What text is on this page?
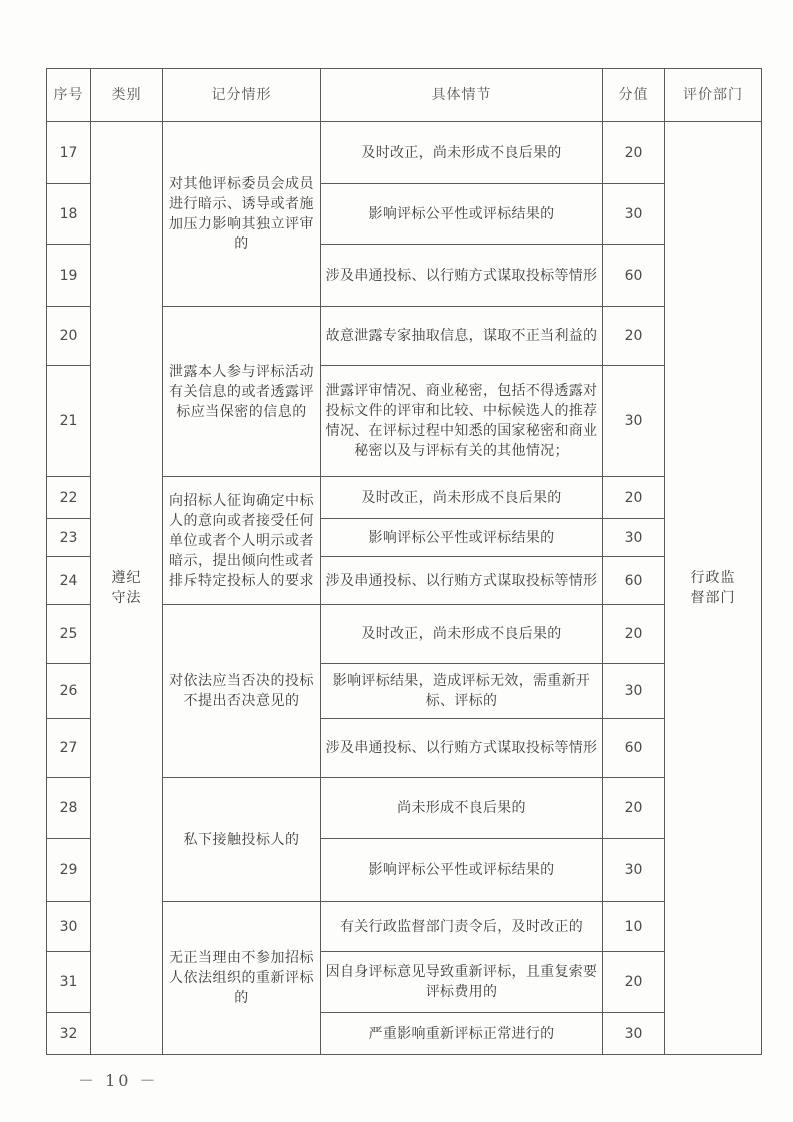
序号	类别	记分情形	具体情节	分值	评价部门
17	遵纪守法	对其他评标委员会成员进行暗示、诱导或者施加压力影响其独立评审的	及时改正，尚未形成不良后果的	20	行政监督部门
18			影响评标公平性或评标结果的	30	
19			涉及串通投标、以行贿方式谋取投标等情形	60	
20		泄露本人参与评标活动有关信息的或者透露评标应当保密的信息的	故意泄露专家抽取信息，谋取不正当利益的	20	
21			泄露评审情况、商业秘密，包括不得透露对投标文件的评审和比较、中标候选人的推荐情况、在评标过程中知悉的国家秘密和商业秘密以及与评标有关的其他情况；	30	
22		向招标人征询确定中标人的意向或者接受任何单位或者个人明示或者暗示，提出倾向性或者排斥特定投标人的要求	及时改正，尚未形成不良后果的	20	
23			影响评标公平性或评标结果的	30	
24			涉及串通投标、以行贿方式谋取投标等情形	60	
25		对依法应当否决的投标不提出否决意见的	及时改正，尚未形成不良后果的	20	
26			影响评标结果，造成评标无效，需重新开标、评标的	30	
27			涉及串通投标、以行贿方式谋取投标等情形	60	
28		私下接触投标人的	尚未形成不良后果的	20	
29			影响评标公平性或评标结果的	30	
30		无正当理由不参加招标人依法组织的重新评标的	有关行政监督部门责令后，及时改正的	10	
31			因自身评标意见导致重新评标，且重复索要评标费用的	20	
32			严重影响重新评标正常进行的	30	
－ 10 －
